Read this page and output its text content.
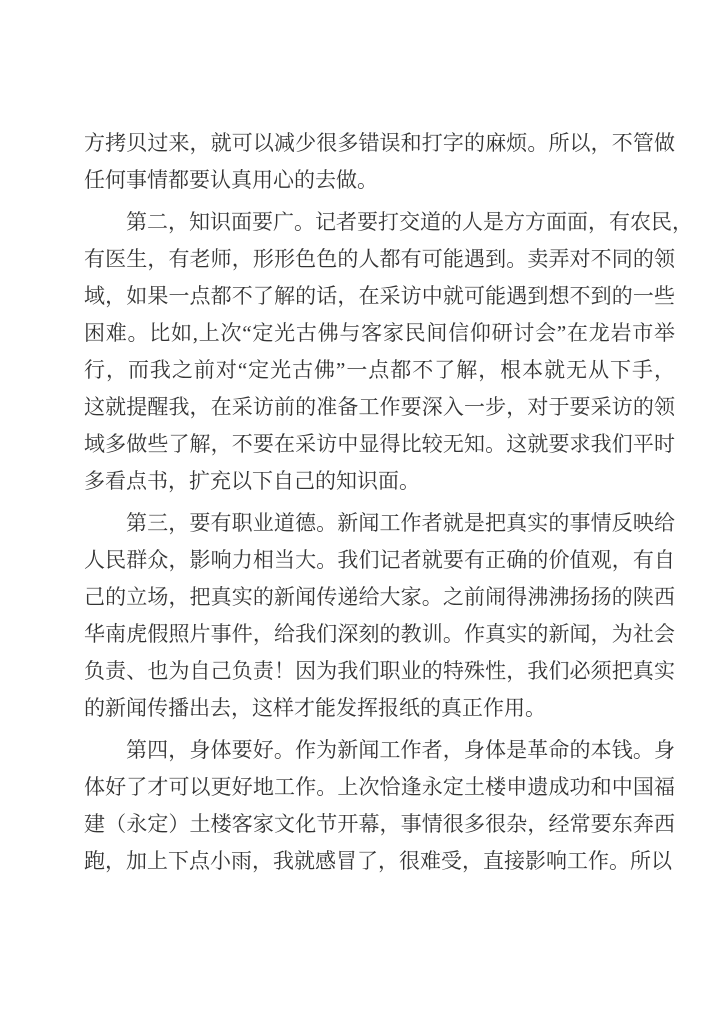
方拷贝过来，就可以减少很多错误和打字的麻烦。所以，不管做
任何事情都要认真用心的去做。
第二，知识面要广。记者要打交道的人是方方面面，有农民，
有医生，有老师，形形色色的人都有可能遇到。卖弄对不同的领
域，如果一点都不了解的话，在采访中就可能遇到想不到的一些
困难。比如,上次“定光古佛与客家民间信仰研讨会”在龙岩市举
行，而我之前对“定光古佛”一点都不了解，根本就无从下手，
这就提醒我，在采访前的准备工作要深入一步，对于要采访的领
域多做些了解，不要在采访中显得比较无知。这就要求我们平时
多看点书，扩充以下自己的知识面。
第三，要有职业道德。新闻工作者就是把真实的事情反映给
人民群众，影响力相当大。我们记者就要有正确的价值观，有自
己的立场，把真实的新闻传递给大家。之前闹得沸沸扬扬的陕西
华南虎假照片事件，给我们深刻的教训。作真实的新闻，为社会
负责、也为自己负责！因为我们职业的特殊性，我们必须把真实
的新闻传播出去，这样才能发挥报纸的真正作用。
第四，身体要好。作为新闻工作者，身体是革命的本钱。身
体好了才可以更好地工作。上次恰逢永定土楼申遗成功和中国福
建（永定）土楼客家文化节开幕，事情很多很杂，经常要东奔西
跑，加上下点小雨，我就感冒了，很难受，直接影响工作。所以
